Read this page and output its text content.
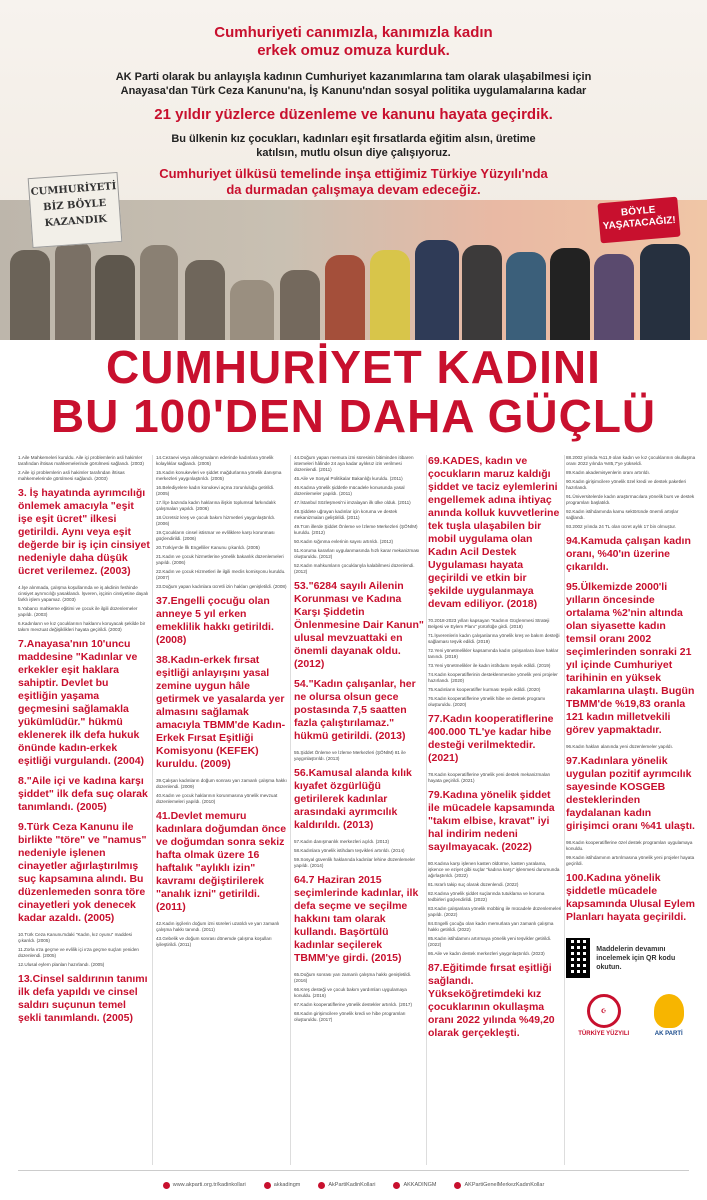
Cumhuriyeti canımızla, kanımızla kadın erkek omuz omuza kurduk.
AK Parti olarak bu anlayışla kadının Cumhuriyet kazanımlarına tam olarak ulaşabilmesi için Anayasa'dan Türk Ceza Kanunu'na, İş Kanunu'ndan sosyal politika uygulamalarına kadar
21 yıldır yüzlerce düzenleme ve kanunu hayata geçirdik.
Bu ülkenin kız çocukları, kadınları eşit fırsatlarda eğitim alsın, üretime katılsın, mutlu olsun diye çalışıyoruz.
Cumhuriyet ülküsü temelinde inşa ettiğimiz Türkiye Yüzyılı'nda da durmadan çalışmaya devam edeceğiz.
CUMHURİYETİ BİZ BÖYLE KAZANDIK
BÖYLE YAŞATACAĞIZ!
CUMHURİYET KADINI
BU 100'DEN DAHA GÜÇLÜ
1.Aile Mahkemeleri kuruldu. Aile içi problemlerin asli hakimler tarafından ihtisas mahkemelerinde görülmesi sağlandı. (2003)
2.Aile içi problemlerin asli hakimler tarafından ihtisas mahkemelerinde görülmesi sağlandı. (2003)
3. İş hayatında ayrımcılığı önlemek amacıyla "eşit işe eşit ücret" ilkesi getirildi. Aynı veya eşit değerde bir iş için cinsiyet nedeniyle daha düşük ücret verilemez. (2003)
4.İşe alınmada, çalışma koşullarında ve iş akdinin feshinde cinsiyet ayrımcılığı yasaklandı. İşveren, işçinin cinsiyetine dayalı farklı işlem yapamaz. (2003)
5.Yabancı mahkeme eğitimi ve çocuk ile ilgili düzenlemeler yapıldı. (2003)
6.Kadınların ve kız çocuklarının haklarını koruyacak şekilde bir takım mevzuat değişiklikleri hayata geçirildi. (2003)
7.Anayasa'nın 10'uncu maddesine "Kadınlar ve erkekler eşit haklara sahiptir. Devlet bu eşitliğin yaşama geçmesini sağlamakla yükümlüdür." hükmü eklenerek ilk defa hukuk önünde kadın-erkek eşitliği vurgulandı. (2004)
8."Aile içi ve kadına karşı şiddet" ilk defa suç olarak tanımlandı. (2005)
9.Türk Ceza Kanunu ile birlikte "töre" ve "namus" nedeniyle işlenen cinayetler ağırlaştırılmış suç kapsamına alındı. Bu düzenlemeden sonra töre cinayetleri yok denecek kadar azaldı. (2005)
10.Türk Ceza Kanunu'ndaki "Kadın, kız oyunu" maddesi çıkarıldı. (2005)
11.Zorla ırza geçme ve evlilik içi ırza geçme suçları yeniden düzenlendi. (2005)
12.Ulusal eylem planları hazırlandı. (2005)
13.Cinsel saldırının tanımı ilk defa yapıldı ve cinsel saldırı suçunun temel şekli tanımlandı. (2005)
14.Cezaevi veya alıkoymaların ederinde kadınlara yönelik kolaylıklar sağlandı. (2005)
15.Kadın konukevleri ve şiddet mağdurlarına yönelik danışma merkezleri yaygınlaştırıldı. (2005)
16.Belediyelere kadın konukevi açma zorunluluğu getirildi. (2005)
17.İlçe bazında kadın haklarına ilişkin toplumsal farkındalık çalışmaları yapıldı. (2006)
18.Ücretsiz kreş ve çocuk bakım hizmetleri yaygınlaştırıldı. (2006)
19.Çocukların cinsel istismar ve evliliklere karşı korunması güçlendirildi. (2006)
20.Türkiye'de İlk Engelliler Kanunu çıkarıldı. (2005)
21.Kadın ve çocuk hizmetlerine yönelik bakanlık düzenlemeleri yapıldı. (2006)
22.Kadın ve çocuk Hizmetleri ile ilgili meclis komisyonu kuruldu. (2007)
23.Doğum yapan kadınlara ücretli izin hakları genişletildi. (2008)
37.Engelli çocuğu olan anneye 5 yıl erken emeklilik hakkı getirildi. (2008)
38.Kadın-erkek fırsat eşitliği anlayışını yasal zemine uygun hâle getirmek ve yasalarda yer almasını sağlamak amacıyla TBMM'de Kadın-Erkek Fırsat Eşitliği Komisyonu (KEFEK) kuruldu. (2009)
39.Çalışan kadınların doğum sonrası yarı zamanlı çalışma hakkı düzenlendi. (2009)
40.Kadın ve çocuk haklarının korunmasına yönelik mevzuat düzenlemeleri yapıldı. (2010)
41.Devlet memuru kadınlara doğumdan önce ve doğumdan sonra sekiz hafta olmak üzere 16 haftalık "aylıklı izin" kavramı değiştirilerek "analık izni" getirildi. (2011)
42.Kadın işçilerin doğum izni süreleri uzatıldı ve yarı zamanlı çalışma hakkı tanındı. (2011)
43.Gebelik ve doğum sonrası dönemde çalışma koşulları iyileştirildi. (2011)
44.Doğum yapan memura izni süresinin bitiminden itibaren istemeleri hâlinde 24 aya kadar aylıksız izin verilmesi düzenlendi. (2011)
45.Aile ve Sosyal Politikalar Bakanlığı kuruldu. (2011)
46.Kadına yönelik şiddetle mücadele konusunda yasal düzenlemeler yapıldı. (2011)
47.İstanbul Sözleşmesi'ni imzalayan ilk ülke olduk. (2011)
48.Şiddete uğrayan kadınlar için koruma ve destek mekanizmaları geliştirildi. (2011)
49.Tüm illerde Şiddet Önleme ve İzleme Merkezleri (ŞÖNİM) kuruldu. (2012)
50.Kadın sığınma evlerinin sayısı artırıldı. (2012)
51.Koruma kararları uygulanmasında hızlı karar mekanizması oluşturuldu. (2012)
52.Kadın mahkumların çocuklarıyla kalabilmesi düzenlendi. (2012)
53."6284 sayılı Ailenin Korunması ve Kadına Karşı Şiddetin Önlenmesine Dair Kanun" ulusal mevzuattaki en önemli dayanak oldu. (2012)
54."Kadın çalışanlar, her ne olursa olsun gece postasında 7,5 saatten fazla çalıştırılamaz." hükmü getirildi. (2013)
55.Şiddet Önleme ve İzleme Merkezleri (ŞÖNİM) 81 ile yaygınlaştırıldı. (2013)
56.Kamusal alanda kılık kıyafet özgürlüğü getirilerek kadınlar arasındaki ayrımcılık kaldırıldı. (2013)
57.Kadın danışmanlık merkezleri açıldı. (2013)
58.Kadınlara yönelik istihdam teşvikleri artırıldı. (2014)
59.Sosyal güvenlik haklarında kadınlar lehine düzenlemeler yapıldı. (2014)
64.7 Haziran 2015 seçimlerinde kadınlar, ilk defa seçme ve seçilme hakkını tam olarak kullandı. Başörtülü kadınlar seçilerek TBMM'ye girdi. (2015)
65.Doğum sonrası yarı zamanlı çalışma hakkı genişletildi. (2016)
66.Kreş desteği ve çocuk bakım yardımları uygulamaya konuldu. (2016)
67.Kadın kooperatiflerine yönelik destekler artırıldı. (2017)
68.Kadın girişimcilere yönelik kredi ve hibe programları oluşturuldu. (2017)
69.KADES, kadın ve çocukların maruz kaldığı şiddet ve taciz eylemlerini engellemek adına ihtiyaç anında kolluk kuvvetlerine tek tuşla ulaşabilen bir mobil uygulama olan Kadın Acil Destek Uygulaması hayata geçirildi ve etkin bir şekilde uygulanmaya devam ediliyor. (2018)
70.2018-2023 yılları kapsayan "Kadının Güçlenmesi Strateji Belgesi ve Eylem Planı" yürürlüğe girdi. (2018)
71.İşverenlerin kadın çalışanlarına yönelik kreş ve bakım desteği sağlaması teşvik edildi. (2019)
72.Yeni yönetmelikler kapsamında kadın çalışanlara ilave haklar tanındı. (2019)
73.Yeni yönetmelikler ile kadın istihdamı teşvik edildi. (2019)
74.Kadın kooperatiflerinin desteklenmesine yönelik yeni projeler hazırlandı. (2020)
75.Kadınların kooperatifler kurması teşvik edildi. (2020)
76.Kadın kooperatiflerine yönelik hibe ve destek programı oluşturuldu. (2020)
77.Kadın kooperatiflerine 400.000 TL'ye kadar hibe desteği verilmektedir. (2021)
78.Kadın kooperatiflerine yönelik yeni destek mekanizmaları hayata geçirildi. (2021)
79.Kadına yönelik şiddet ile mücadele kapsamında "takım elbise, kravat" iyi hal indirim nedeni sayılmayacak. (2022)
80.Kadına karşı işlenen kasten öldürme, kasten yaralama, işkence ve eziyet gibi suçlar "kadına karşı" işlenmesi durumunda ağırlaştırıldı. (2022)
81.Israrlı takip suç olarak düzenlendi. (2022)
82.Kadına yönelik şiddet suçlarında tutuklama ve koruma tedbirleri güçlendirildi. (2022)
83.Kadın çalışanlara yönelik mobbing ile mücadele düzenlemeleri yapıldı. (2022)
84.Engelli çocuğu olan kadın memurlara yarı zamanlı çalışma hakkı getirildi. (2022)
85.Kadın istihdamını artırmaya yönelik yeni teşvikler getirildi. (2022)
86.Aile ve kadın destek merkezleri yaygınlaştırıldı. (2023)
87.Eğitimde fırsat eşitliği sağlandı. Yükseköğretimdeki kız çocuklarının okullaşma oranı 2022 yılında %49,20 olarak gerçekleşti.
88.2002 yılında %11,9 olan kadın ve kız çocuklarının okullaşma oranı 2022 yılında %85,7'ye yükseldi.
89.Kadın akademisyenlerin oranı artırıldı.
90.Kadın girişimcilere yönelik özel kredi ve destek paketleri hazırlandı.
91.Üniversitelerde kadın araştırmacılara yönelik burs ve destek programları başlatıldı.
92.Kadın istihdamında kamu sektöründe önemli artışlar sağlandı.
93.2002 yılında 24 TL olan ücret aylık 17 bin olmuştur.
94.Kamuda çalışan kadın oranı, %40'ın üzerine çıkarıldı.
95.Ülkemizde 2000'li yılların öncesinde ortalama %2'nin altında olan siyasette kadın temsil oranı 2002 seçimlerinden sonraki 21 yıl içinde Cumhuriyet tarihinin en yüksek rakamlarına ulaştı. Bugün TBMM'de %19,83 oranla 121 kadın milletvekili görev yapmaktadır.
96.Kadın hakları alanında yeni düzenlemeler yapıldı.
97.Kadınlara yönelik uygulan pozitif ayrımcılık sayesinde KOSGEB desteklerinden faydalanan kadın girişimci oranı %41 ulaştı.
98.Kadın kooperatiflerine özel destek programları uygulamaya konuldu.
99.Kadın istihdamının artırılmasına yönelik yeni projeler hayata geçirildi.
100.Kadına yönelik şiddetle mücadele kapsamında Ulusal Eylem Planları hayata geçirildi.
Maddelerin devamını incelemek için QR kodu okutun.
☪
TÜRKİYE YÜZYILI	AK PARTİ
www.akparti.org.tr/kadinkollari	akkadingm	AkPartiKadinKollari	AKKADINGM	AKPartiGenelMerkezKadınKollar
